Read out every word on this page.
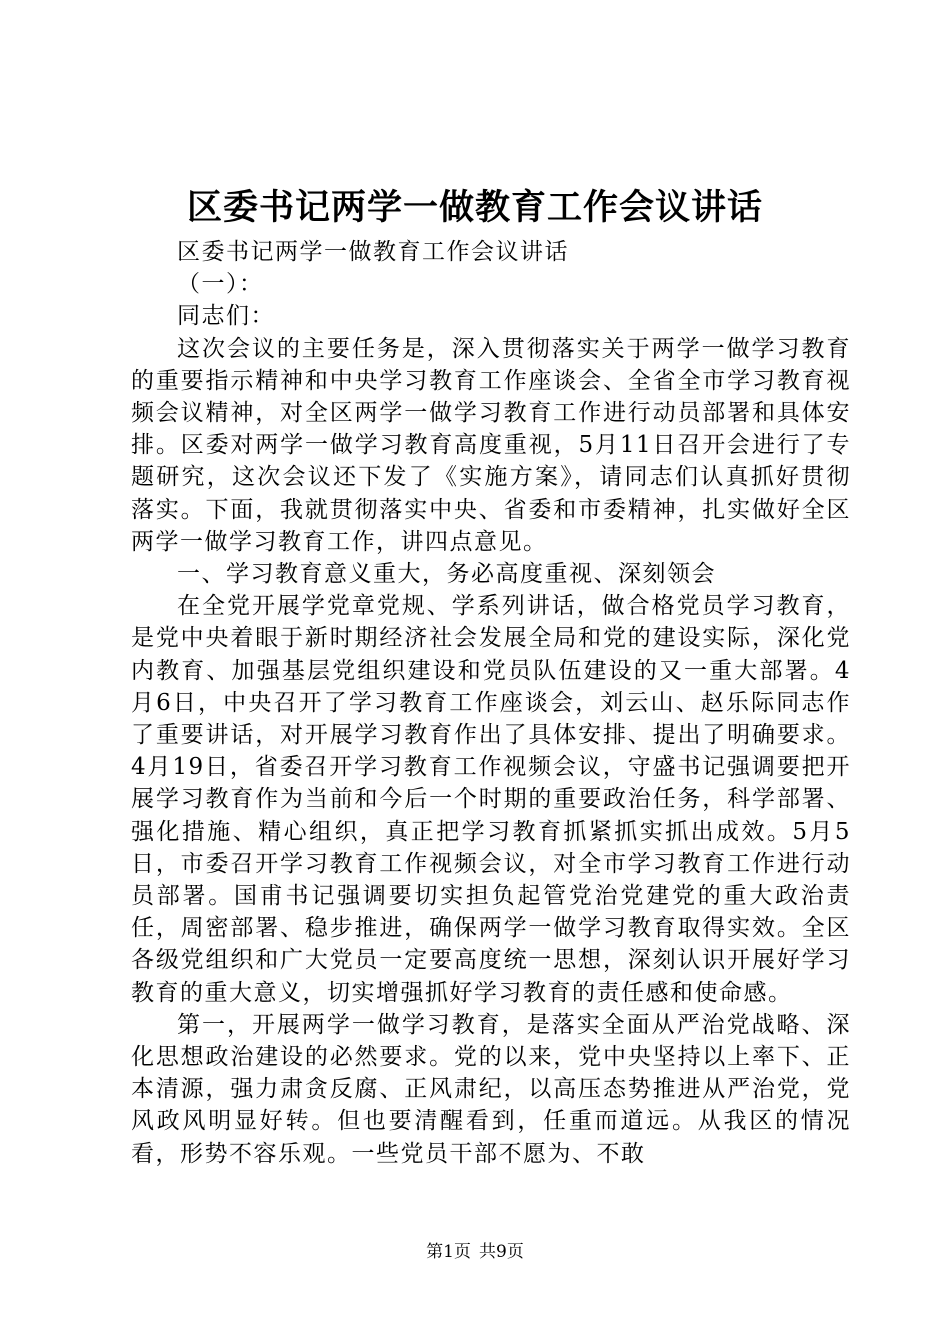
区委书记两学一做教育工作会议讲话

区委书记两学一做教育工作会议讲话

（一）：

同志们：

这次会议的主要任务是，深入贯彻落实关于两学一做学习教育的重要指示精神和中央学习教育工作座谈会、全省全市学习教育视频会议精神，对全区两学一做学习教育工作进行动员部署和具体安排。区委对两学一做学习教育高度重视，5月11日召开会进行了专题研究，这次会议还下发了《实施方案》，请同志们认真抓好贯彻落实。下面，我就贯彻落实中央、省委和市委精神，扎实做好全区两学一做学习教育工作，讲四点意见。

一、学习教育意义重大，务必高度重视、深刻领会

在全党开展学党章党规、学系列讲话，做合格党员学习教育，是党中央着眼于新时期经济社会发展全局和党的建设实际，深化党内教育、加强基层党组织建设和党员队伍建设的又一重大部署。4月6日，中央召开了学习教育工作座谈会，刘云山、赵乐际同志作了重要讲话，对开展学习教育作出了具体安排、提出了明确要求。4月19日，省委召开学习教育工作视频会议，守盛书记强调要把开展学习教育作为当前和今后一个时期的重要政治任务，科学部署、强化措施、精心组织，真正把学习教育抓紧抓实抓出成效。5月5日，市委召开学习教育工作视频会议，对全市学习教育工作进行动员部署。国甫书记强调要切实担负起管党治党建党的重大政治责任，周密部署、稳步推进，确保两学一做学习教育取得实效。全区各级党组织和广大党员一定要高度统一思想，深刻认识开展好学习教育的重大意义，切实增强抓好学习教育的责任感和使命感。

第一，开展两学一做学习教育，是落实全面从严治党战略、深化思想政治建设的必然要求。党的以来，党中央坚持以上率下、正本清源，强力肃贪反腐、正风肃纪，以高压态势推进从严治党，党风政风明显好转。但也要清醒看到，任重而道远。从我区的情况看，形势不容乐观。一些党员干部不愿为、不敢

第1页 共9页
